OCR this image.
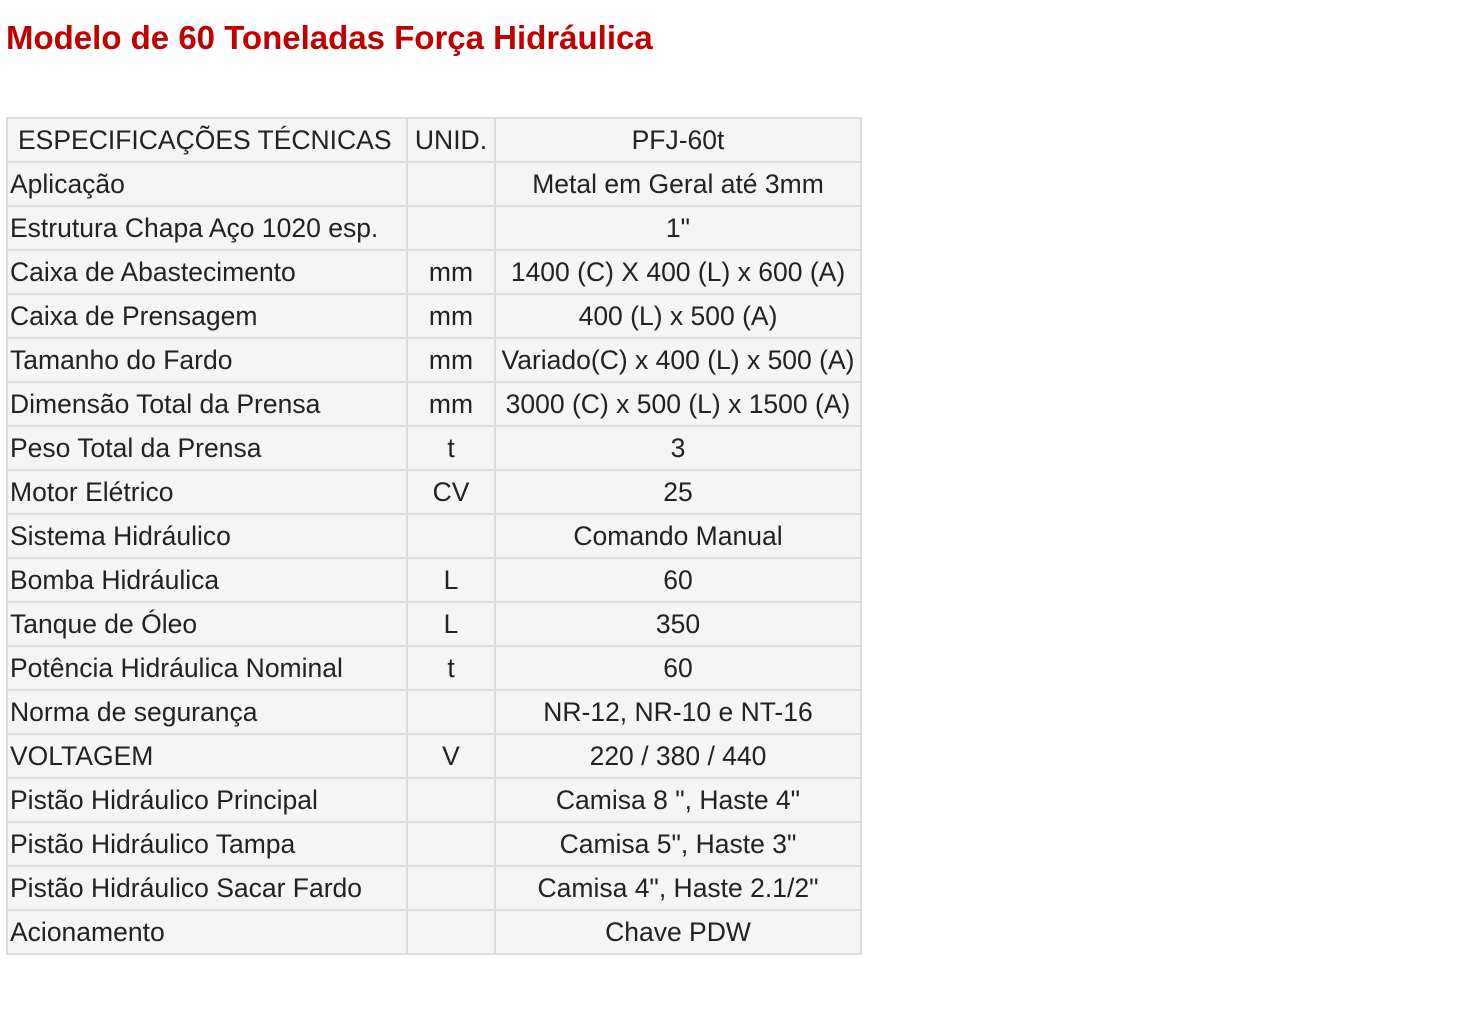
Modelo de 60 Toneladas Força Hidráulica
ESPECIFICAÇÕES TÉCNICAS	UNID.	PFJ-60t
Aplicação		Metal em Geral até 3mm
Estrutura Chapa Aço 1020 esp.		1"
Caixa de Abastecimento	mm	1400 (C) X 400 (L) x 600 (A)
Caixa de Prensagem	mm	400 (L) x 500 (A)
Tamanho do Fardo	mm	Variado(C) x 400 (L) x 500 (A)
Dimensão Total da Prensa	mm	3000 (C) x 500 (L) x 1500 (A)
Peso Total da Prensa	t	3
Motor Elétrico	CV	25
Sistema Hidráulico		Comando Manual
Bomba Hidráulica	L	60
Tanque de Óleo	L	350
Potência Hidráulica Nominal	t	60
Norma de segurança		NR-12, NR-10 e NT-16
VOLTAGEM	V	220 / 380 / 440
Pistão Hidráulico Principal		Camisa 8 ", Haste 4"
Pistão Hidráulico Tampa		Camisa 5", Haste 3"
Pistão Hidráulico Sacar Fardo		Camisa 4", Haste 2.1/2"
Acionamento		Chave PDW
